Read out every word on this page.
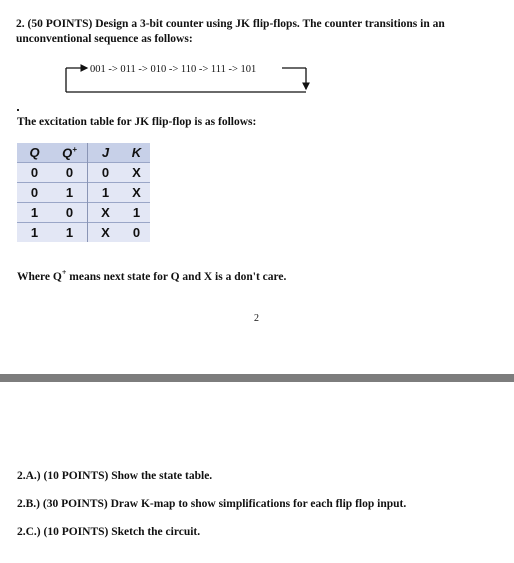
2. (50 POINTS) Design a 3-bit counter using JK flip-flops. The counter transitions in an unconventional sequence as follows:
001 -> 011 -> 010 -> 110 -> 111 -> 101
The excitation table for JK flip-flop is as follows:
Q	Q+	J	K
0	0	0	X
0	1	1	X
1	0	X	1
1	1	X	0
Where Q+ means next state for Q and X is a don't care.
2
2.A.) (10 POINTS) Show the state table.
2.B.) (30 POINTS) Draw K-map to show simplifications for each flip flop input.
2.C.) (10 POINTS) Sketch the circuit.
